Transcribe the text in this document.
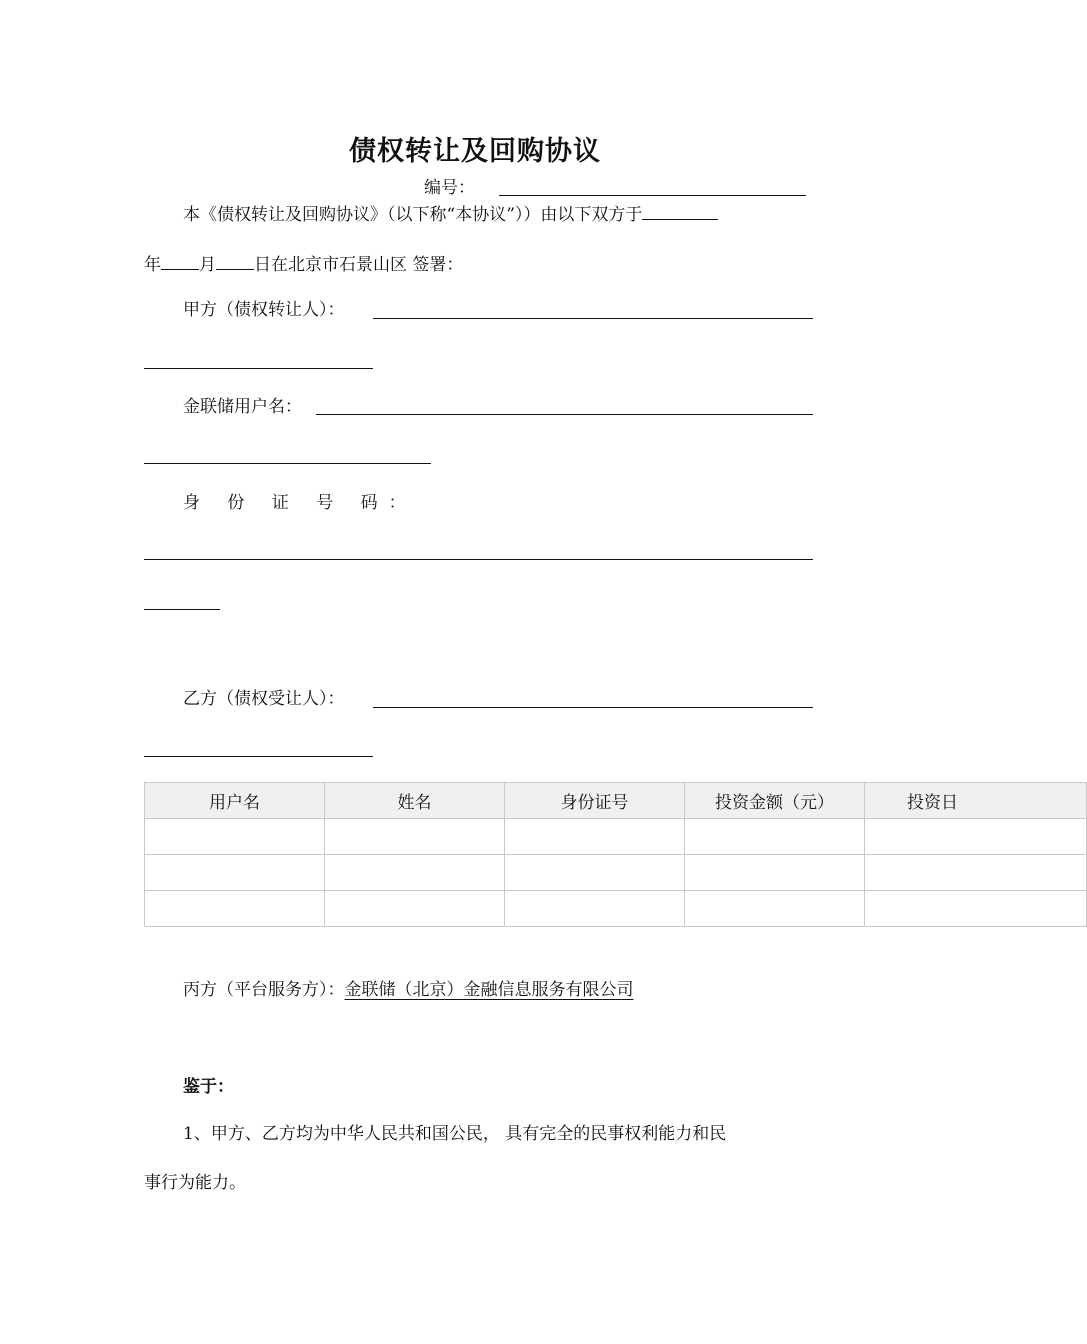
债权转让及回购协议
编号：
本《债权转让及回购协议》（以下称“本协议”））由以下双方于
年 月 日在北京市石景山区 签署：
甲方（债权转让人）：
金联储用户名：
身 份 证 号 码：
乙方（债权受让人）：
用户名	姓名	身份证号	投资金额（元）	投资日

丙方（平台服务方）：金联储（北京）金融信息服务有限公司
鉴于：
1、甲方、乙方均为中华人民共和国公民， 具有完全的民事权利能力和民
事行为能力。
